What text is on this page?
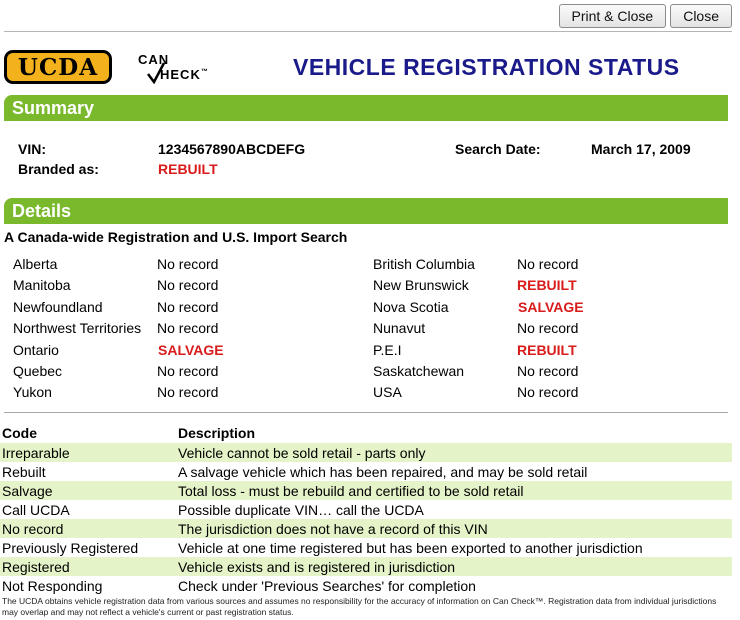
Print & Close	Close
UCDA	CAN
HECK™	VEHICLE REGISTRATION STATUS
Summary
VIN:	1234567890ABCDEFG	Search Date:	March 17, 2009
Branded as:	REBUILT
Details
A Canada-wide Registration and U.S. Import Search
Alberta	No record	British Columbia	No record
Manitoba	No record	New Brunswick	REBUILT
Newfoundland	No record	Nova Scotia	SALVAGE
Northwest Territories No record	Nunavut	No record
Ontario	SALVAGE	P.E.I	REBUILT
Quebec	No record	Saskatchewan	No record
Yukon	No record	USA	No record
Code	Description
Irreparable	Vehicle cannot be sold retail - parts only
Rebuilt	A salvage vehicle which has been repaired, and may be sold retail
Salvage	Total loss - must be rebuild and certified to be sold retail
Call UCDA	Possible duplicate VIN… call the UCDA
No record	The jurisdiction does not have a record of this VIN
Previously Registered	Vehicle at one time registered but has been exported to another jurisdiction
Registered	Vehicle exists and is registered in jurisdiction
Not Responding	Check under 'Previous Searches' for completion
The UCDA obtains vehicle registration data from various sources and assumes no responsibility for the accuracy of information on Can Check™. Registration data from individual jurisdictions may overlap and may not reflect a vehicle's current or past registration status.
